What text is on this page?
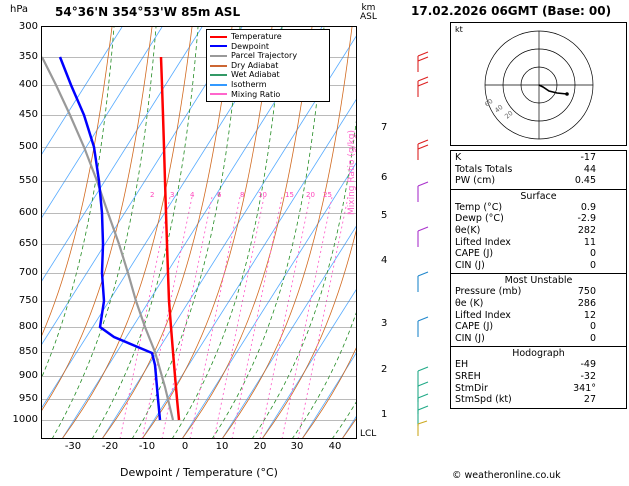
hPa 54°36'N 354°53'W 85m ASL	km
ASL
2 3 4	6	8 10	15 20 25
Temperature
Dewpoint
Parcel Trajectory
Dry Adiabat
Wet Adiabat
Isotherm
Mixing Ratio
300
350
400
450
500
550
600
650
700
750
800
850
900
950
1000
-30	-20	-10	0	10	20	30	40
Dewpoint / Temperature (°C)
1
2
3
4
5
6
7
Mixing Ratio (g/kg)
LCL
17.02.2026 06GMT (Base: 00)
kt
20
40
60
K	-17
Totals Totals	44
PW (cm)	0.45
Surface
Temp (°C)	0.9
Dewp (°C)	-2.9
θe(K)	282
Lifted Index	11
CAPE (J)	0
CIN (J)	0
Most Unstable
Pressure (mb)	750
θe (K)	286
Lifted Index	12
CAPE (J)	0
CIN (J)	0
Hodograph
EH	-49
SREH	-32
StmDir	341°
StmSpd (kt)	27
© weatheronline.co.uk
